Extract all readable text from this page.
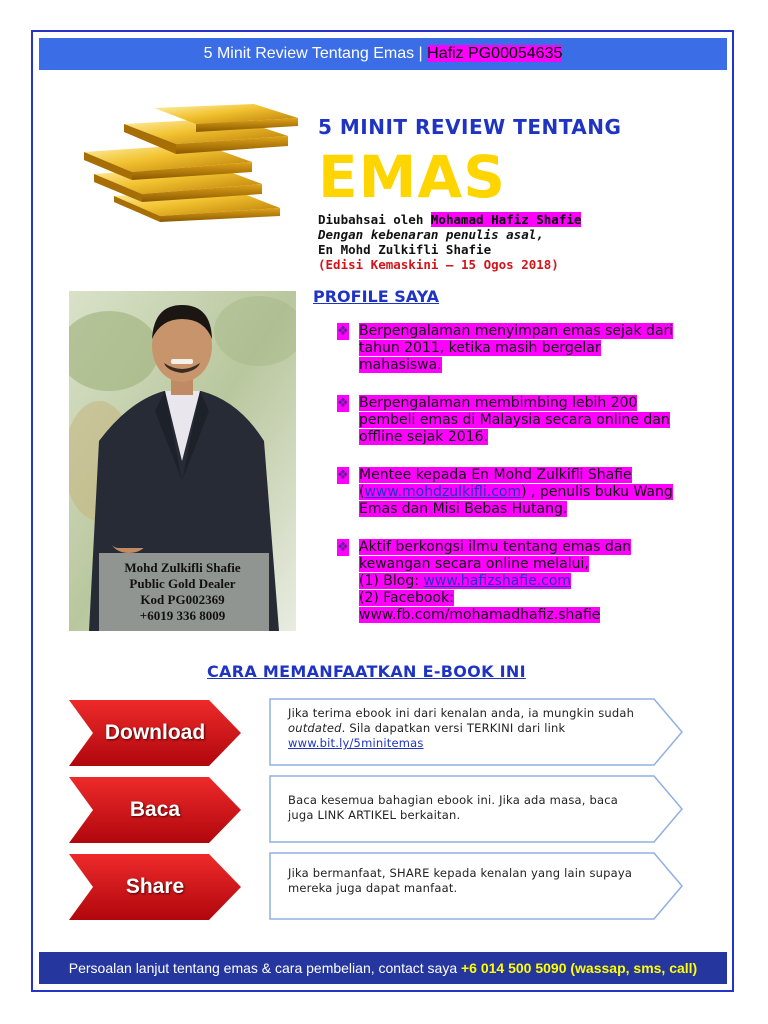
5 Minit Review Tentang Emas | Hafiz PG00054635
5 MINIT REVIEW TENTANG
EMAS
Diubahsai oleh Mohamad Hafiz Shafie
Dengan kebenaran penulis asal,
En Mohd Zulkifli Shafie
(Edisi Kemaskini – 15 Ogos 2018)
Mohd Zulkifli Shafie
Public Gold Dealer
Kod PG002369
+6019 336 8009
PROFILE SAYA
❖ Berpengalaman menyimpan emas sejak dari tahun 2011, ketika masih bergelar mahasiswa.
❖ Berpengalaman membimbing lebih 200 pembeli emas di Malaysia secara online dan offline sejak 2016.
❖ Mentee kepada En Mohd Zulkifli Shafie (www.mohdzulkifli.com) , penulis buku Wang Emas dan Misi Bebas Hutang.
❖ Aktif berkongsi ilmu tentang emas dan kewangan secara online melalui,
(1) Blog: www.hafizshafie.com
(2) Facebook:
www.fb.com/mohamadhafiz.shafie
CARA MEMANFAATKAN E-BOOK INI
Download
Jika terima ebook ini dari kenalan anda, ia mungkin sudah outdated. Sila dapatkan versi TERKINI dari link
www.bit.ly/5minitemas
Baca	Baca kesemua bahagian ebook ini. Jika ada masa, baca juga LINK ARTIKEL berkaitan.
Share
Jika bermanfaat, SHARE kepada kenalan yang lain supaya mereka juga dapat manfaat.
Persoalan lanjut tentang emas & cara pembelian, contact saya +6 014 500 5090 (wassap, sms, call)
